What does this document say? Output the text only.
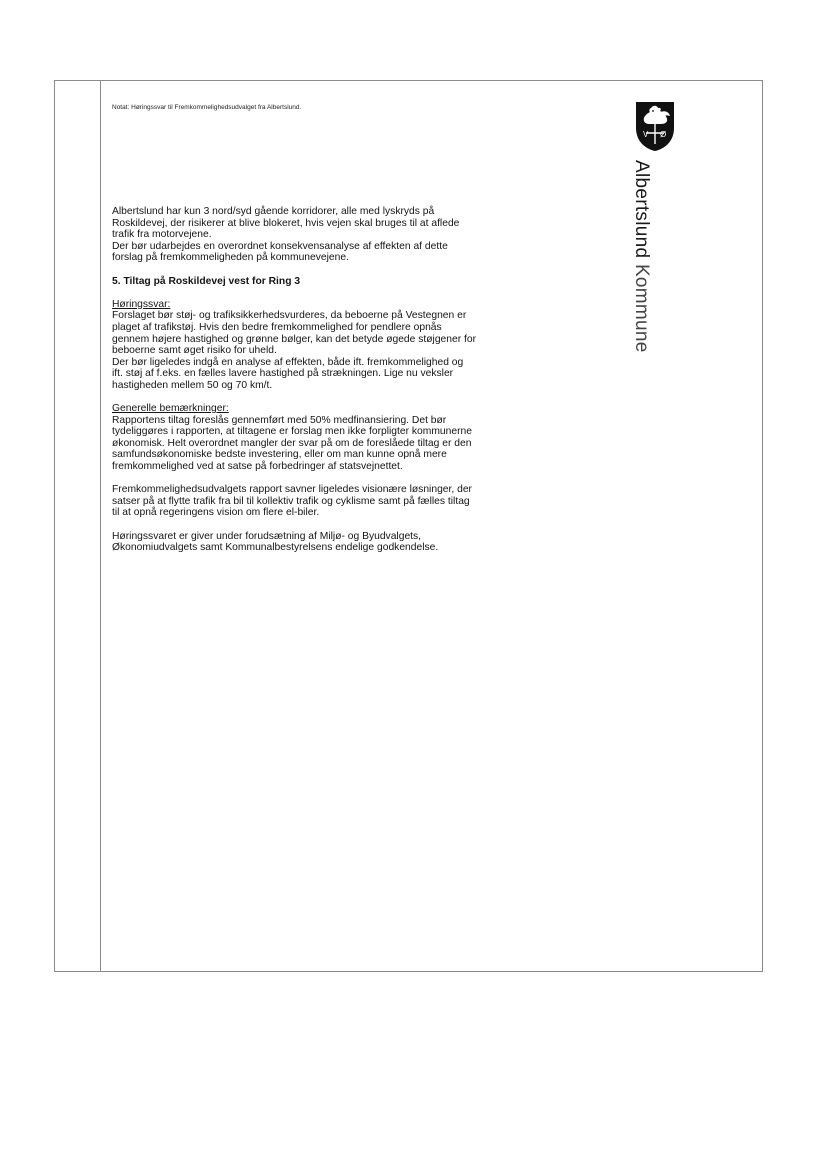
Notat: Høringssvar til Fremkommelighedsudvalget fra Albertslund.
V Ø
Albertslund Kommune

Albertslund har kun 3 nord/syd gående korridorer, alle med lyskryds på

Roskildevej, der risikerer at blive blokeret, hvis vejen skal bruges til at aflede

trafik fra motorvejene.

Der bør udarbejdes en overordnet konsekvensanalyse af effekten af dette

forslag på fremkommeligheden på kommunevejene.

5. Tiltag på Roskildevej vest for Ring 3

Høringssvar:

Forslaget bør støj- og trafiksikkerhedsvurderes, da beboerne på Vestegnen er

plaget af trafikstøj. Hvis den bedre fremkommelighed for pendlere opnås

gennem højere hastighed og grønne bølger, kan det betyde øgede støjgener for

beboerne samt øget risiko for uheld.

Der bør ligeledes indgå en analyse af effekten, både ift. fremkommelighed og

ift. støj af f.eks. en fælles lavere hastighed på strækningen. Lige nu veksler

hastigheden mellem 50 og 70 km/t.

Generelle bemærkninger:

Rapportens tiltag foreslås gennemført med 50% medfinansiering. Det bør

tydeliggøres i rapporten, at tiltagene er forslag men ikke forpligter kommunerne

økonomisk. Helt overordnet mangler der svar på om de foreslåede tiltag er den

samfundsøkonomiske bedste investering, eller om man kunne opnå mere

fremkommelighed ved at satse på forbedringer af statsvejnettet.

Fremkommelighedsudvalgets rapport savner ligeledes visionære løsninger, der

satser på at flytte trafik fra bil til kollektiv trafik og cyklisme samt på fælles tiltag

til at opnå regeringens vision om flere el-biler.

Høringssvaret er giver under forudsætning af Miljø- og Byudvalgets,

Økonomiudvalgets samt Kommunalbestyrelsens endelige godkendelse.
